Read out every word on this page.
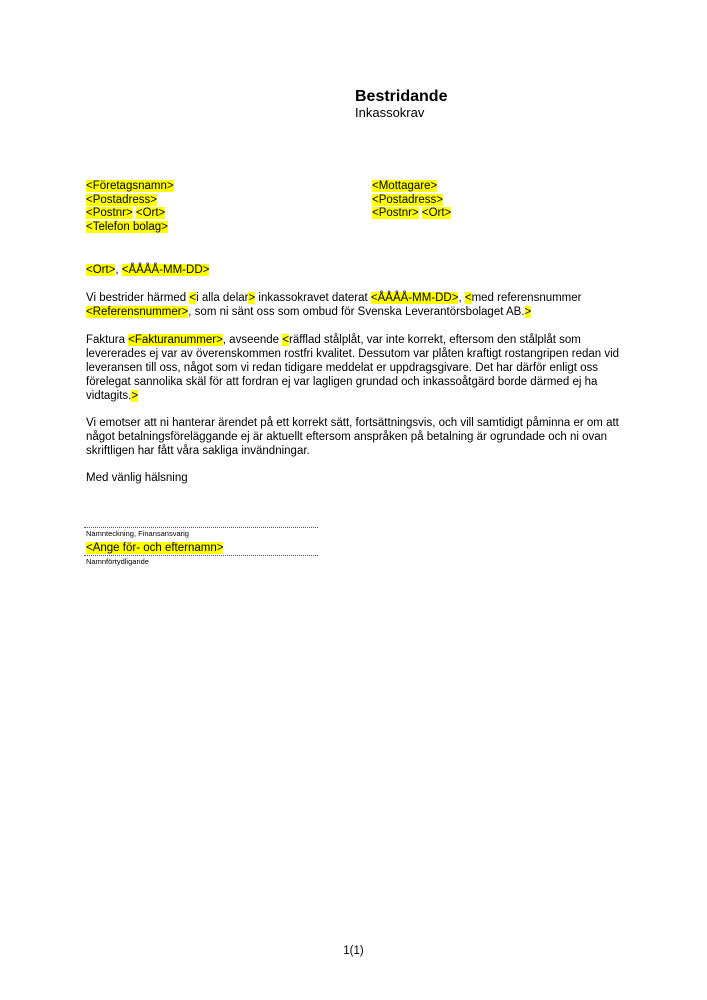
Bestridande
Inkassokrav
<Företagsnamn>
<Postadress>
<Postnr> <Ort>
<Telefon bolag>
<Mottagare>
<Postadress>
<Postnr> <Ort>
<Ort>, <ÅÅÅÅ-MM-DD>
Vi bestrider härmed <i alla delar> inkassokravet daterat <ÅÅÅÅ-MM-DD>, <med referensnummer <Referensnummer>, som ni sänt oss som ombud för Svenska Leverantörsbolaget AB.>
Faktura <Fakturanummer>, avseende <räfflad stålplåt, var inte korrekt, eftersom den stålplåt som levererades ej var av överenskommen rostfri kvalitet. Dessutom var plåten kraftigt rostangripen redan vid leveransen till oss, något som vi redan tidigare meddelat er uppdragsgivare. Det har därför enligt oss förelegat sannolika skäl för att fordran ej var lagligen grundad och inkassoåtgärd borde därmed ej ha vidtagits.>
Vi emotser att ni hanterar ärendet på ett korrekt sätt, fortsättningsvis, och vill samtidigt påminna er om att något betalningsföreläggande ej är aktuellt eftersom anspråken på betalning är ogrundade och ni ovan skriftligen har fått våra sakliga invändningar.
Med vänlig hälsning
Namnteckning, Finansansvarig
<Ange för- och efternamn>
Namnförtydligande
1(1)
